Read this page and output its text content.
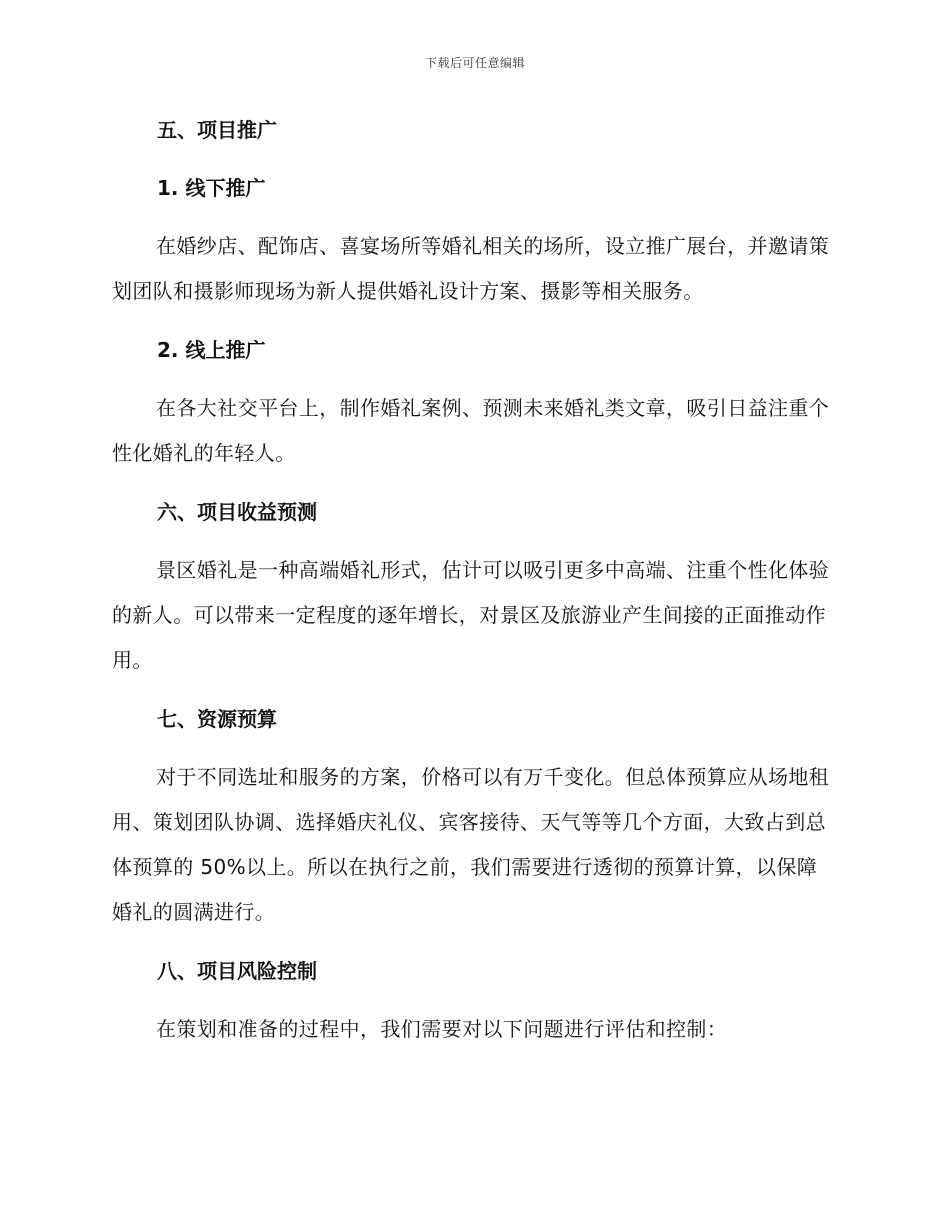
下载后可任意编辑

五、项目推广

1. 线下推广

在婚纱店、配饰店、喜宴场所等婚礼相关的场所，设立推广展台，并邀请策划团队和摄影师现场为新人提供婚礼设计方案、摄影等相关服务。

2. 线上推广

在各大社交平台上，制作婚礼案例、预测未来婚礼类文章，吸引日益注重个性化婚礼的年轻人。

六、项目收益预测

景区婚礼是一种高端婚礼形式，估计可以吸引更多中高端、注重个性化体验的新人。可以带来一定程度的逐年增长，对景区及旅游业产生间接的正面推动作用。

七、资源预算

对于不同选址和服务的方案，价格可以有万千变化。但总体预算应从场地租用、策划团队协调、选择婚庆礼仪、宾客接待、天气等等几个方面，大致占到总体预算的 50%以上。所以在执行之前，我们需要进行透彻的预算计算，以保障婚礼的圆满进行。

八、项目风险控制

在策划和准备的过程中，我们需要对以下问题进行评估和控制：
